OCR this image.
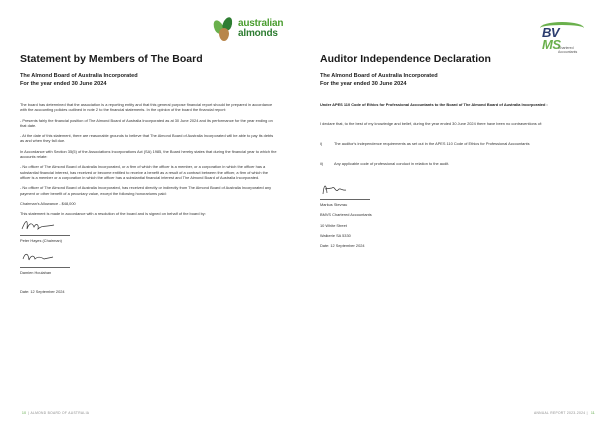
australian
almonds	BV
MS
Chartered Accountants
Statement by Members of The Board
The Almond Board of Australia Incorporated
For the year ended 30 June 2024

The board has determined that the association is a reporting entity and that this general purpose financial report should be prepared in accordance with the accounting policies outlined in note 2 to the financial statements. In the opinion of the board the financial report:

- Presents fairly the financial position of The Almond Board of Australia Incorporated as at 30 June 2024 and its performance for the year ending on that date.

- At the date of this statement, there are reasonable grounds to believe that The Almond Board of Australia Incorporated will be able to pay its debts as and when they fall due.

In Accordance with Section 35(5) of the Associations Incorporations Act (SA) 1985, the Board hereby states that during the financial year to which the accounts relate:

- No officer of The Almond Board of Australia Incorporated, or a firm of which the officer is a member, or a corporation in which the officer has a substantial financial interest, has received or become entitled to receive a benefit as a result of a contract between the officer, a firm of which the officer is a member or a corporation in which the officer has a substantial financial interest and The Almond Board of Australia Incorporated.

- No officer of The Almond Board of Australia Incorporated, has received directly or indirectly from The Almond Board of Australia Incorporated any payment or other benefit of a pecuniary value, except the following honorariums paid:

Chairman's Allowance - $48,000

This statement is made in accordance with a resolution of the board and is signed on behalf of the board by:

Peter Hayes (Chairman)

Damien Houlahan

Date: 12 September 2024

Auditor Independence Declaration
The Almond Board of Australia Incorporated
For the year ended 30 June 2024

Under APES 110 Code of Ethics for Professional Accountants to the Board of The Almond Board of Australia Incorporated :

I declare that, to the best of my knowledge and belief, during the year ended 30 June 2024 there have been no contraventions of:

i)	The auditor's independence requirements as set out in the APES 110 Code of Ethics for Professional Accountants
ii)	Any applicable code of professional conduct in relation to the audit.

Markus Stevrau

BMVS Chartered Accountants

10 White Street

Walkerie SA 5330

Date: 12 September 2024

10 | ALMOND BOARD OF AUSTRALIA	ANNUAL REPORT 2023-2024 | 11
